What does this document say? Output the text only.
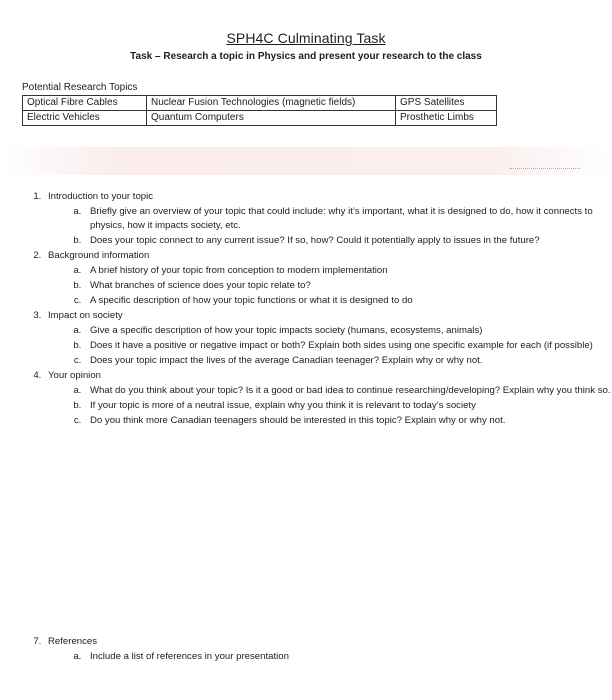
SPH4C Culminating Task
Task – Research a topic in Physics and present your research to the class
Potential Research Topics
Optical Fibre Cables	Nuclear Fusion Technologies (magnetic fields)	GPS Satellites
Electric Vehicles	Quantum Computers	Prosthetic Limbs
1. Introduction to your topic
a. Briefly give an overview of your topic that could include: why it’s important, what it is designed to do, how it connects to physics, how it impacts society, etc.
b. Does your topic connect to any current issue? If so, how? Could it potentially apply to issues in the future?
2. Background information
a. A brief history of your topic from conception to modern implementation
b. What branches of science does your topic relate to?
c. A specific description of how your topic functions or what it is designed to do
3. Impact on society
a. Give a specific description of how your topic impacts society (humans, ecosystems, animals)
b. Does it have a positive or negative impact or both? Explain both sides using one specific example for each (if possible)
c. Does your topic impact the lives of the average Canadian teenager? Explain why or why not.
4. Your opinion
a. What do you think about your topic? Is it a good or bad idea to continue researching/developing? Explain why you think so.
b. If your topic is more of a neutral issue, explain why you think it is relevant to today’s society
c. Do you think more Canadian teenagers should be interested in this topic? Explain why or why not.
7. References
a. Include a list of references in your presentation
